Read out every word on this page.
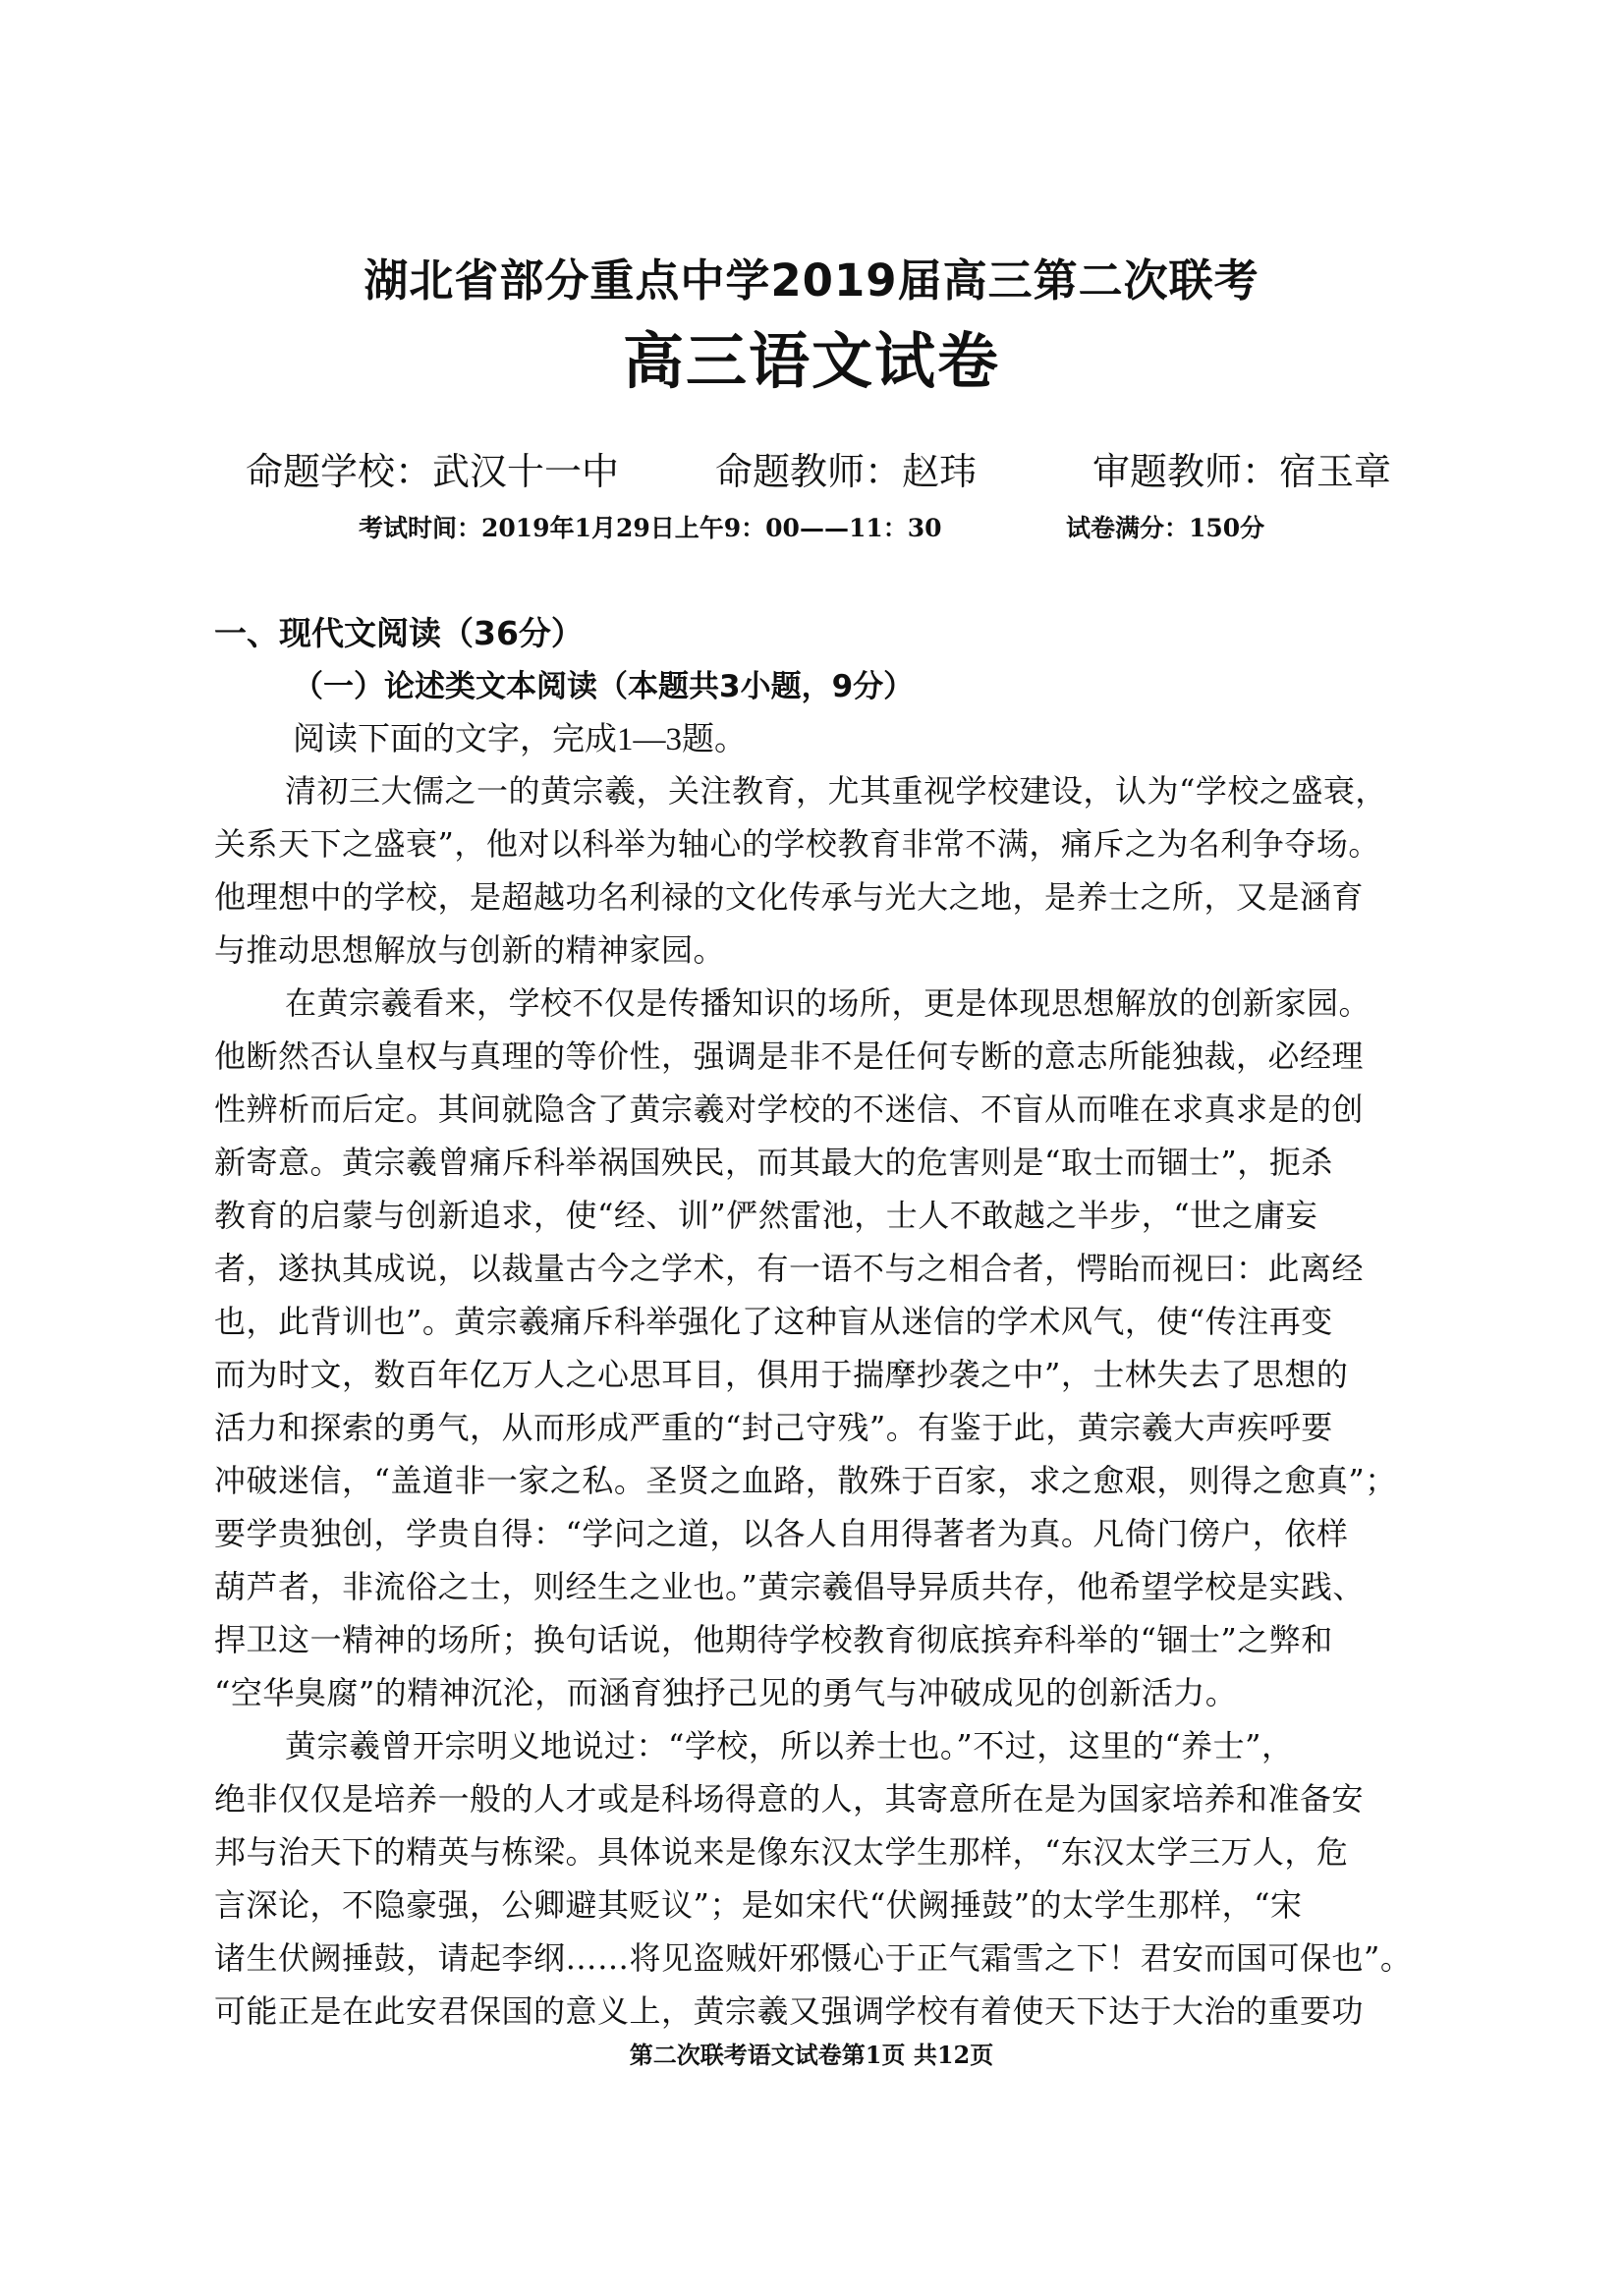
湖北省部分重点中学2019届高三第二次联考
高三语文试卷
命题学校：武汉十一中	命题教师：赵玮	审题教师：宿玉章
考试时间：2019年1月29日上午9：00——11：30	试卷满分：150分
一、现代文阅读（36分）
（一）论述类文本阅读（本题共3小题，9分）
阅读下面的文字，完成1—3题。
清初三大儒之一的黄宗羲，关注教育，尤其重视学校建设，认为“学校之盛衰，
关系天下之盛衰”，他对以科举为轴心的学校教育非常不满，痛斥之为名利争夺场。
他理想中的学校，是超越功名利禄的文化传承与光大之地，是养士之所，又是涵育
与推动思想解放与创新的精神家园。
在黄宗羲看来，学校不仅是传播知识的场所，更是体现思想解放的创新家园。
他断然否认皇权与真理的等价性，强调是非不是任何专断的意志所能独裁，必经理
性辨析而后定。其间就隐含了黄宗羲对学校的不迷信、不盲从而唯在求真求是的创
新寄意。黄宗羲曾痛斥科举祸国殃民，而其最大的危害则是“取士而锢士”，扼杀
教育的启蒙与创新追求，使“经、训”俨然雷池，士人不敢越之半步，“世之庸妄
者，遂执其成说，以裁量古今之学术，有一语不与之相合者，愕眙而视曰：此离经
也，此背训也”。黄宗羲痛斥科举强化了这种盲从迷信的学术风气，使“传注再变
而为时文，数百年亿万人之心思耳目，俱用于揣摩抄袭之中”，士林失去了思想的
活力和探索的勇气，从而形成严重的“封己守残”。有鉴于此，黄宗羲大声疾呼要
冲破迷信，“盖道非一家之私。圣贤之血路，散殊于百家，求之愈艰，则得之愈真”；
要学贵独创，学贵自得：“学问之道，以各人自用得著者为真。凡倚门傍户，依样
葫芦者，非流俗之士，则经生之业也。”黄宗羲倡导异质共存，他希望学校是实践、
捍卫这一精神的场所；换句话说，他期待学校教育彻底摈弃科举的“锢士”之弊和
“空华臭腐”的精神沉沦，而涵育独抒己见的勇气与冲破成见的创新活力。
黄宗羲曾开宗明义地说过：“学校，所以养士也。”不过，这里的“养士”，
绝非仅仅是培养一般的人才或是科场得意的人，其寄意所在是为国家培养和准备安
邦与治天下的精英与栋梁。具体说来是像东汉太学生那样，“东汉太学三万人，危
言深论，不隐豪强，公卿避其贬议”；是如宋代“伏阙捶鼓”的太学生那样，“宋
诸生伏阙捶鼓，请起李纲……将见盗贼奸邪慑心于正气霜雪之下！君安而国可保也”。
可能正是在此安君保国的意义上，黄宗羲又强调学校有着使天下达于大治的重要功
第二次联考语文试卷第1页 共12页
